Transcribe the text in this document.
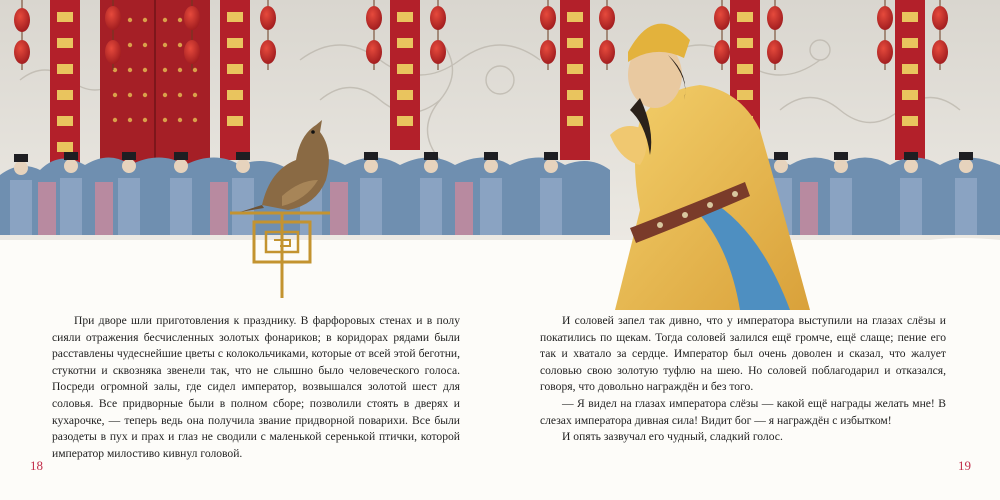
При дворе шли приготовления к празднику. В фарфоровых стенах и в полу сияли отражения бесчисленных золотых фонариков; в коридорах рядами были расставлены чудеснейшие цветы с колокольчиками, которые от всей этой беготни, стукотни и сквозняка звенели так, что не слышно было человеческого голоса. Посреди огромной залы, где сидел император, возвышался золотой шест для соловья. Все придворные были в полном сборе; позволили стоять в дверях и кухарочке, — теперь ведь она получила звание придворной поварихи. Все были разодеты в пух и прах и глаз не сводили с маленькой серенькой птички, которой император милостиво кивнул головой.

И соловей запел так дивно, что у императора выступили на глазах слёзы и покатились по щекам. Тогда соловей залился ещё громче, ещё слаще; пение его так и хватало за сердце. Император был очень доволен и сказал, что жалует соловью свою золотую туфлю на шею. Но соловей поблагодарил и отказался, говоря, что довольно награждён и без того.

— Я видел на глазах императора слёзы — какой ещё награды желать мне! В слезах императора дивная сила! Видит бог — я награждён с избытком!

И опять зазвучал его чудный, сладкий голос.

18	19
